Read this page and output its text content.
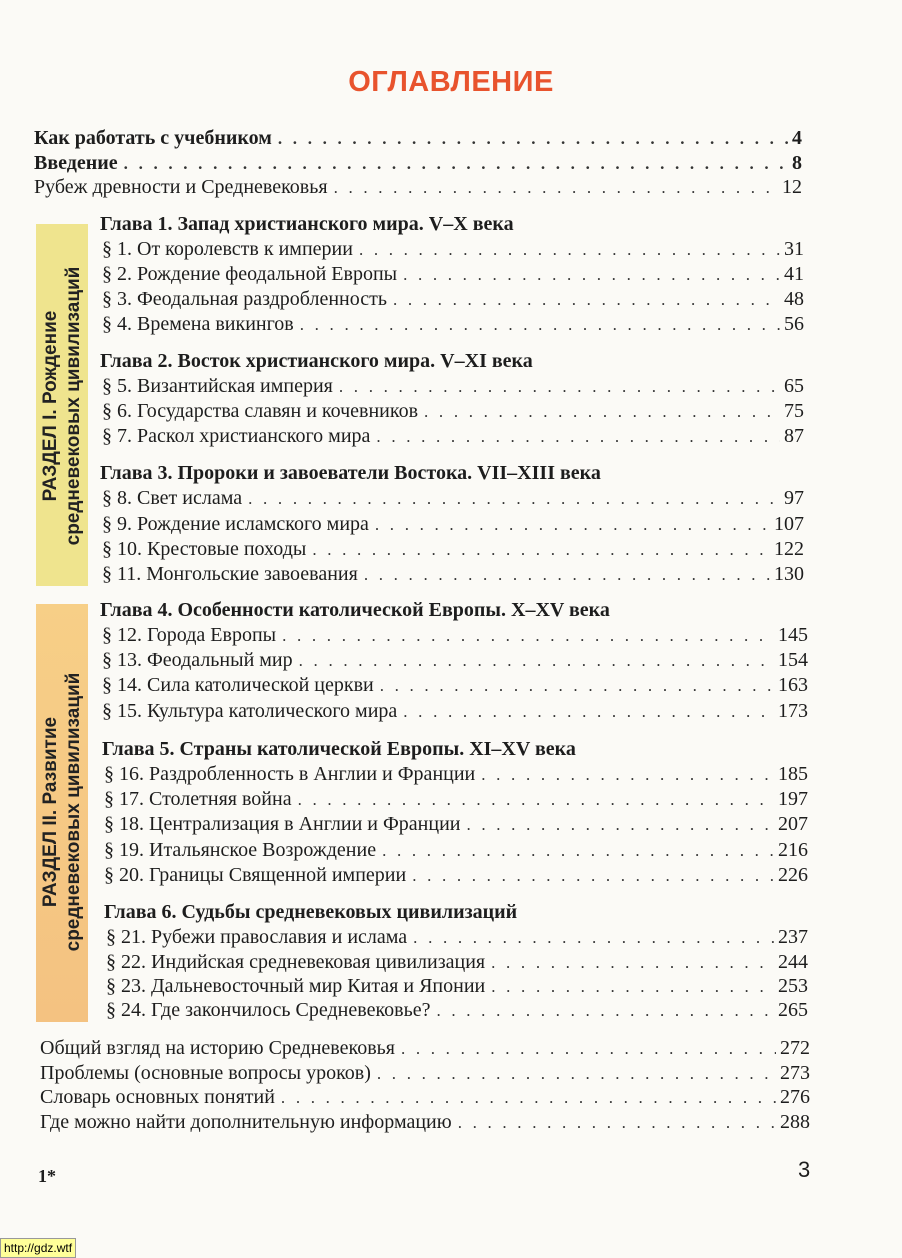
ОГЛАВЛЕНИЕ
Как работать с учебником . . .	4
Введение . . .	8
Рубеж древности и Средневековья . . .	12
РАЗДЕЛ I. Рождение средневековых цивилизаций
РАЗДЕЛ II. Развитие средневековых цивилизаций
Глава 1. Запад христианского мира. V–X века
§ 1. От королевств к империи . . .	31
§ 2. Рождение феодальной Европы . . .	41
§ 3. Феодальная раздробленность . . .	48
§ 4. Времена викингов . . .	56
Глава 2. Восток христианского мира. V–XI века
§ 5. Византийская империя . . .	65
§ 6. Государства славян и кочевников . . .	75
§ 7. Раскол христианского мира . . .	87
Глава 3. Пророки и завоеватели Востока. VII–XIII века
§ 8. Свет ислама . . .	97
§ 9. Рождение исламского мира . . .	107
§ 10. Крестовые походы . . .	122
§ 11. Монгольские завоевания . . .	130
Глава 4. Особенности католической Европы. X–XV века
§ 12. Города Европы . . .	145
§ 13. Феодальный мир . . .	154
§ 14. Сила католической церкви . . .	163
§ 15. Культура католического мира . . .	173
Глава 5. Страны католической Европы. XI–XV века
§ 16. Раздробленность в Англии и Франции . . .	185
§ 17. Столетняя война . . .	197
§ 18. Централизация в Англии и Франции . . .	207
§ 19. Итальянское Возрождение . . .	216
§ 20. Границы Священной империи . . .	226
Глава 6. Судьбы средневековых цивилизаций
§ 21. Рубежи православия и ислама . . .	237
§ 22. Индийская средневековая цивилизация . . .	244
§ 23. Дальневосточный мир Китая и Японии . . .	253
§ 24. Где закончилось Средневековье? . . .	265
Общий взгляд на историю Средневековья . . .	272
Проблемы (основные вопросы уроков) . . .	273
Словарь основных понятий . . .	276
Где можно найти дополнительную информацию . . .	288
1*	3
http://gdz.wtf
